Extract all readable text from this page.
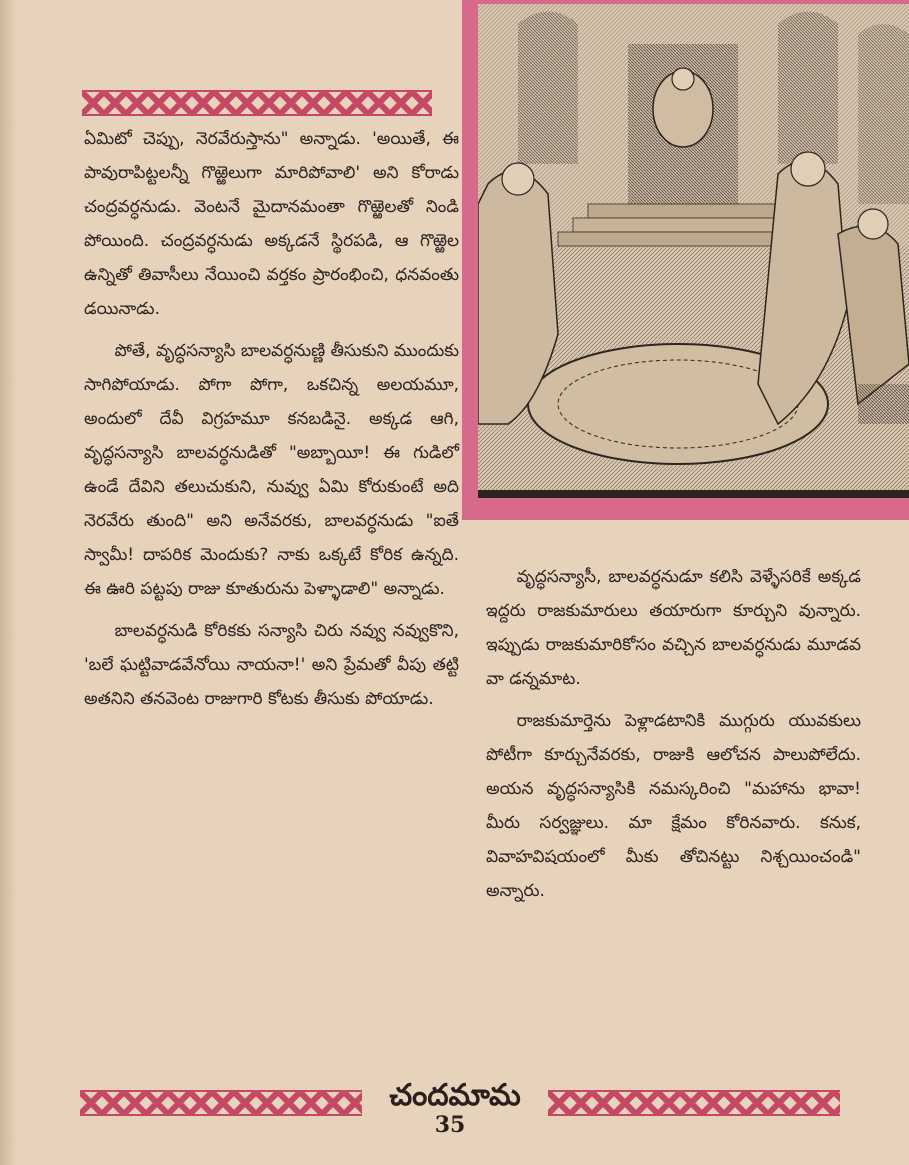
ఏమిటో చెప్పు, నెరవేరుస్తాను" అన్నాడు. 'అయితే, ఈ పావురాపిట్టలన్నీ గొఱ్ఱెలుగా మారిపోవాలి' అని కోరాడు చంద్రవర్ధనుడు. వెంటనే మైదానమంతా గొఱ్ఱెలతో నిండి పోయింది. చంద్రవర్ధనుడు అక్కడనే స్థిరపడి, ఆ గొఱ్ఱెల ఉన్నితో తివాసీలు నేయించి వర్తకం ప్రారంభించి, ధనవంతు డయినాడు.

పోతే, వృద్ధసన్యాసి బాలవర్ధనుణ్ణి తీసుకుని ముందుకు సాగిపోయాడు. పోగా పోగా, ఒకచిన్న అలయమూ, అందులో దేవీ విగ్రహమూ కనబడినై. అక్కడ ఆగి, వృద్ధసన్యాసి బాలవర్ధనుడితో "అబ్బాయీ! ఈ గుడిలో ఉండే దేవిని తలుచుకుని, నువ్వు ఏమి కోరుకుంటే అది నెరవేరు తుంది" అని అనేవరకు, బాలవర్ధనుడు "ఐతే స్వామీ! దాపరిక మెందుకు? నాకు ఒక్కటే కోరిక ఉన్నది. ఈ ఊరి పట్టపు రాజు కూతురును పెళ్ళాడాలి" అన్నాడు.

బాలవర్ధనుడి కోరికకు సన్యాసి చిరు నవ్వు నవ్వుకొని, 'బలే ఘట్టివాడవేనోయి నాయనా!' అని ప్రేమతో వీపు తట్టి అతనిని తనవెంట రాజుగారి కోటకు తీసుకు పోయాడు.

వృద్ధసన్యాసీ, బాలవర్ధనుడూ కలిసి వెళ్ళేసరికే అక్కడ ఇద్దరు రాజకుమారులు తయారుగా కూర్చుని వున్నారు. ఇప్పుడు రాజకుమారికోసం వచ్చిన బాలవర్ధనుడు మూడవ వా డన్నమాట.

రాజకుమార్తెను పెళ్లాడటానికి ముగ్గురు యువకులు పోటీగా కూర్చునేవరకు, రాజుకి ఆలోచన పాలుపోలేదు. అయన వృద్ధసన్యాసికి నమస్కరించి "మహాను భావా! మీరు సర్వజ్ఞులు. మా క్షేమం కోరినవారు. కనుక, వివాహవిషయంలో మీకు తోచినట్టు నిశ్చయించండి" అన్నారు.

చందమామ
35
